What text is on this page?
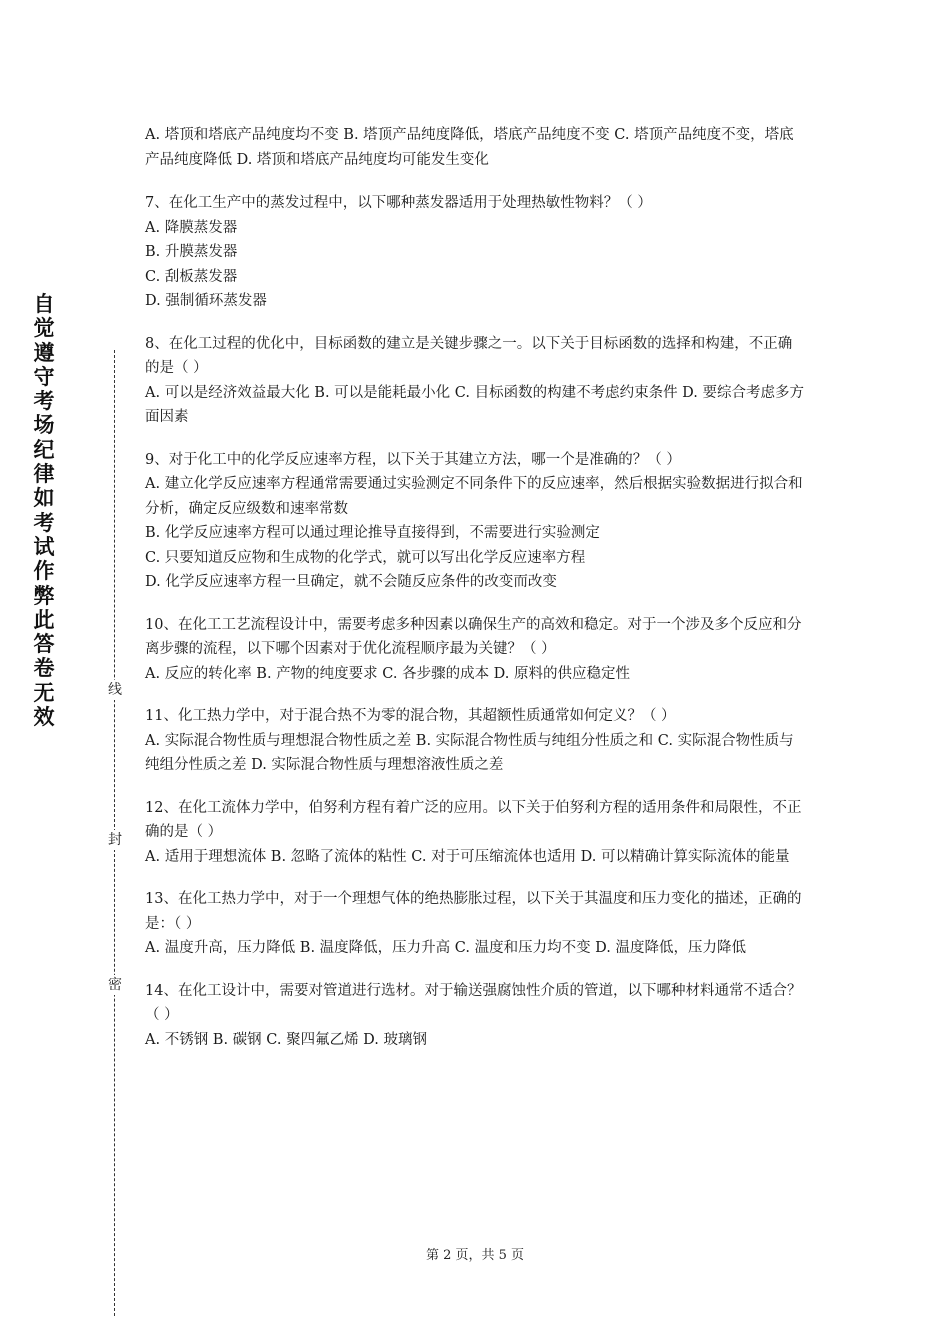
自觉遵守考场纪律如考试作弊此答卷无效
线
封
密

A. 塔顶和塔底产品纯度均不变 B. 塔顶产品纯度降低，塔底产品纯度不变 C. 塔顶产品纯度不变，塔底产品纯度降低 D. 塔顶和塔底产品纯度均可能发生变化

7、在化工生产中的蒸发过程中，以下哪种蒸发器适用于处理热敏性物料？（ ）

A. 降膜蒸发器

B. 升膜蒸发器

C. 刮板蒸发器

D. 强制循环蒸发器

8、在化工过程的优化中，目标函数的建立是关键步骤之一。以下关于目标函数的选择和构建，不正确的是（ ）

A. 可以是经济效益最大化 B. 可以是能耗最小化 C. 目标函数的构建不考虑约束条件 D. 要综合考虑多方面因素

9、对于化工中的化学反应速率方程，以下关于其建立方法，哪一个是准确的？（ ）

A. 建立化学反应速率方程通常需要通过实验测定不同条件下的反应速率，然后根据实验数据进行拟合和分析，确定反应级数和速率常数

B. 化学反应速率方程可以通过理论推导直接得到，不需要进行实验测定

C. 只要知道反应物和生成物的化学式，就可以写出化学反应速率方程

D. 化学反应速率方程一旦确定，就不会随反应条件的改变而改变

10、在化工工艺流程设计中，需要考虑多种因素以确保生产的高效和稳定。对于一个涉及多个反应和分离步骤的流程，以下哪个因素对于优化流程顺序最为关键？（ ）

A. 反应的转化率 B. 产物的纯度要求 C. 各步骤的成本 D. 原料的供应稳定性

11、化工热力学中，对于混合热不为零的混合物，其超额性质通常如何定义？（ ）

A. 实际混合物性质与理想混合物性质之差 B. 实际混合物性质与纯组分性质之和 C. 实际混合物性质与纯组分性质之差 D. 实际混合物性质与理想溶液性质之差

12、在化工流体力学中，伯努利方程有着广泛的应用。以下关于伯努利方程的适用条件和局限性，不正确的是（ ）

A. 适用于理想流体 B. 忽略了流体的粘性 C. 对于可压缩流体也适用 D. 可以精确计算实际流体的能量

13、在化工热力学中，对于一个理想气体的绝热膨胀过程，以下关于其温度和压力变化的描述，正确的是：（ ）

A. 温度升高，压力降低 B. 温度降低，压力升高 C. 温度和压力均不变 D. 温度降低，压力降低

14、在化工设计中，需要对管道进行选材。对于输送强腐蚀性介质的管道，以下哪种材料通常不适合？（ ）

A. 不锈钢 B. 碳钢 C. 聚四氟乙烯 D. 玻璃钢

第 2 页，共 5 页
